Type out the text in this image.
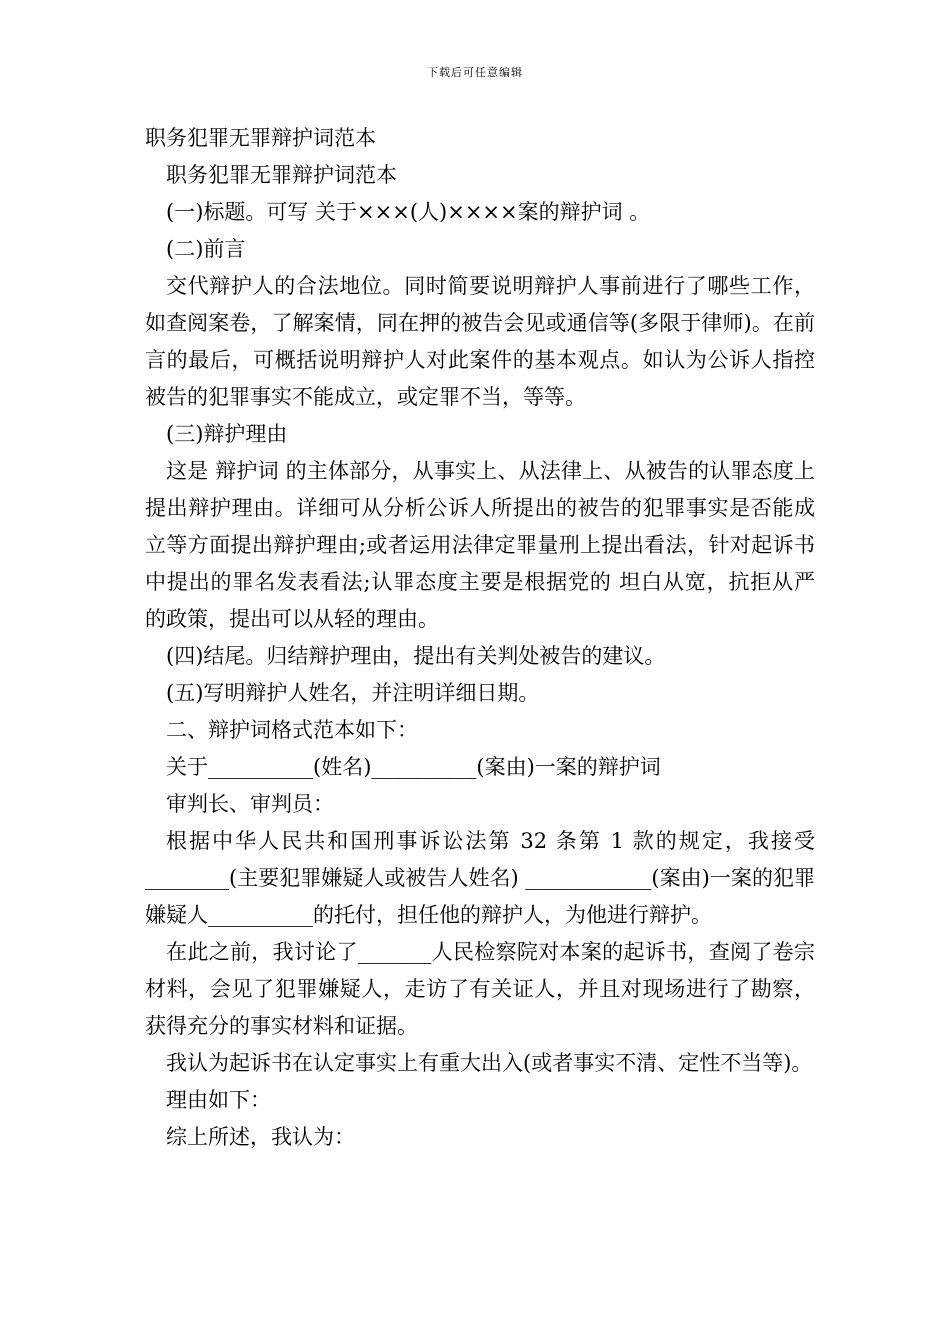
下载后可任意编辑

职务犯罪无罪辩护词范本

职务犯罪无罪辩护词范本

(一)标题。可写 关于×××(人)××××案的辩护词 。

(二)前言

交代辩护人的合法地位。同时简要说明辩护人事前进行了哪些工作，如查阅案卷，了解案情，同在押的被告会见或通信等(多限于律师)。在前言的最后，可概括说明辩护人对此案件的基本观点。如认为公诉人指控被告的犯罪事实不能成立，或定罪不当，等等。

(三)辩护理由

这是 辩护词 的主体部分，从事实上、从法律上、从被告的认罪态度上提出辩护理由。详细可从分析公诉人所提出的被告的犯罪事实是否能成立等方面提出辩护理由;或者运用法律定罪量刑上提出看法，针对起诉书中提出的罪名发表看法;认罪态度主要是根据党的 坦白从宽，抗拒从严 的政策，提出可以从轻的理由。

(四)结尾。归结辩护理由，提出有关判处被告的建议。

(五)写明辩护人姓名，并注明详细日期。

二、辩护词格式范本如下：

关于__________(姓名)__________(案由)一案的辩护词

审判长、审判员：

根据中华人民共和国刑事诉讼法第 32 条第 1 款的规定，我接受________(主要犯罪嫌疑人或被告人姓名) ____________(案由)一案的犯罪嫌疑人__________的托付，担任他的辩护人，为他进行辩护。

在此之前，我讨论了_______人民检察院对本案的起诉书，查阅了卷宗材料，会见了犯罪嫌疑人，走访了有关证人，并且对现场进行了勘察，获得充分的事实材料和证据。

我认为起诉书在认定事实上有重大出入(或者事实不清、定性不当等)。

理由如下：

综上所述，我认为：
